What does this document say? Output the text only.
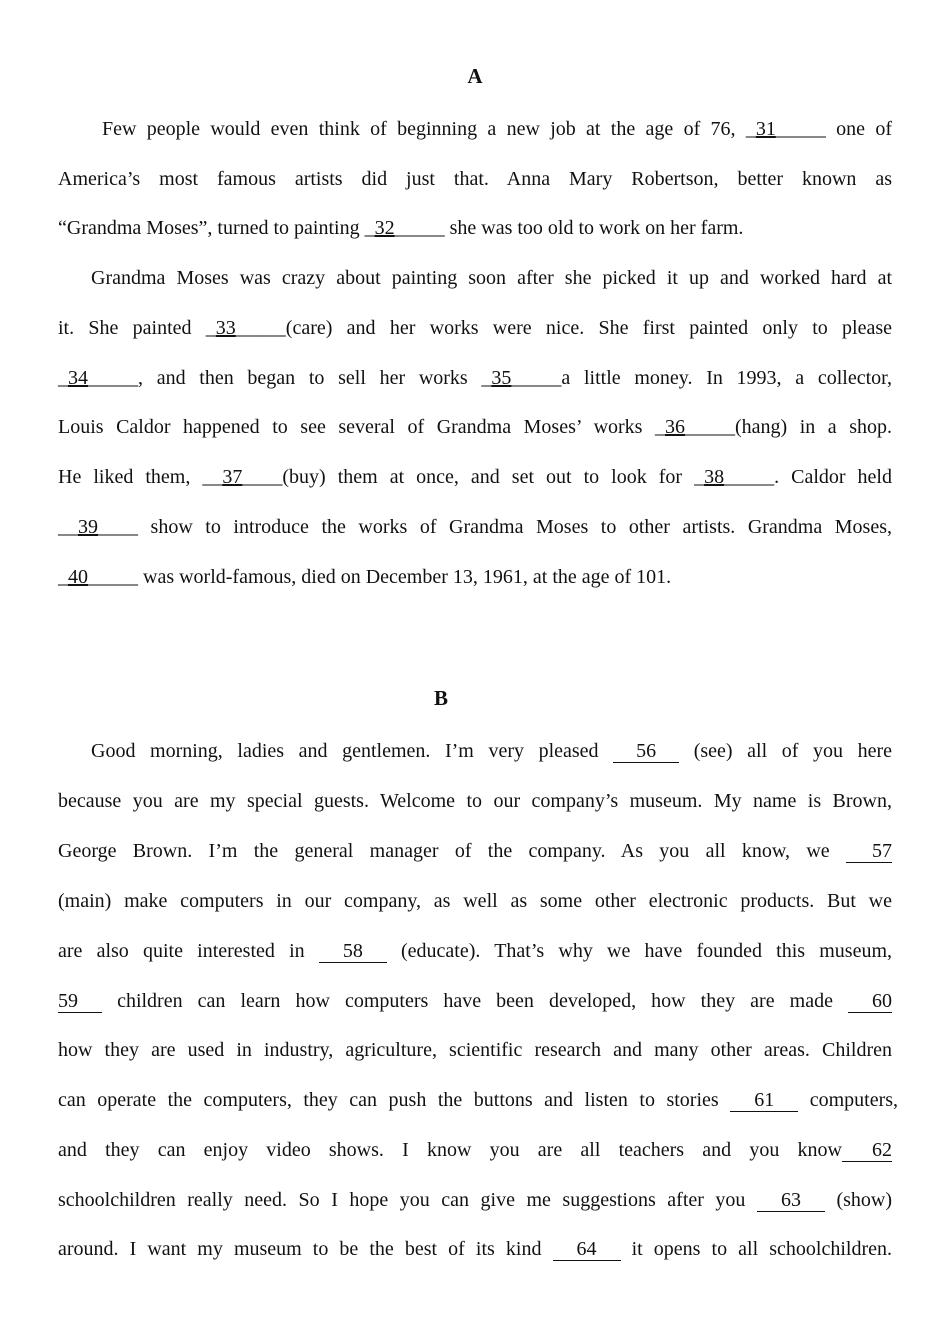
A
Few people would even think of beginning a new job at the age of 76, _31_____ one of
America’s most famous artists did just that. Anna Mary Robertson, better known as
“Grandma Moses”, turned to painting _32_____ she was too old to work on her farm.
Grandma Moses was crazy about painting soon after she picked it up and worked hard at
it. She painted _33_____(care) and her works were nice. She first painted only to please
_34_____, and then began to sell her works _35_____a little money. In 1993, a collector,
Louis Caldor happened to see several of Grandma Moses’ works _36_____(hang) in a shop.
He liked them, __37____(buy) them at once, and set out to look for _38_____. Caldor held
__39____ show to introduce the works of Grandma Moses to other artists. Grandma Moses,
_40_____ was world-famous, died on December 13, 1961, at the age of 101.
B
Good morning, ladies and gentlemen. I’m very pleased 56 (see) all of you here
because you are my special guests. Welcome to our company’s museum. My name is Brown,
George Brown. I’m the general manager of the company. As you all know, we 57
(main) make computers in our company, as well as some other electronic products. But we
are also quite interested in 58 (educate). That’s why we have founded this museum,
59 children can learn how computers have been developed, how they are made 60
how they are used in industry, agriculture, scientific research and many other areas. Children
can operate the computers, they can push the buttons and listen to stories 61 computers,
and they can enjoy video shows. I know you are all teachers and you know 62
schoolchildren really need. So I hope you can give me suggestions after you 63 (show)
around. I want my museum to be the best of its kind 64 it opens to all schoolchildren.
